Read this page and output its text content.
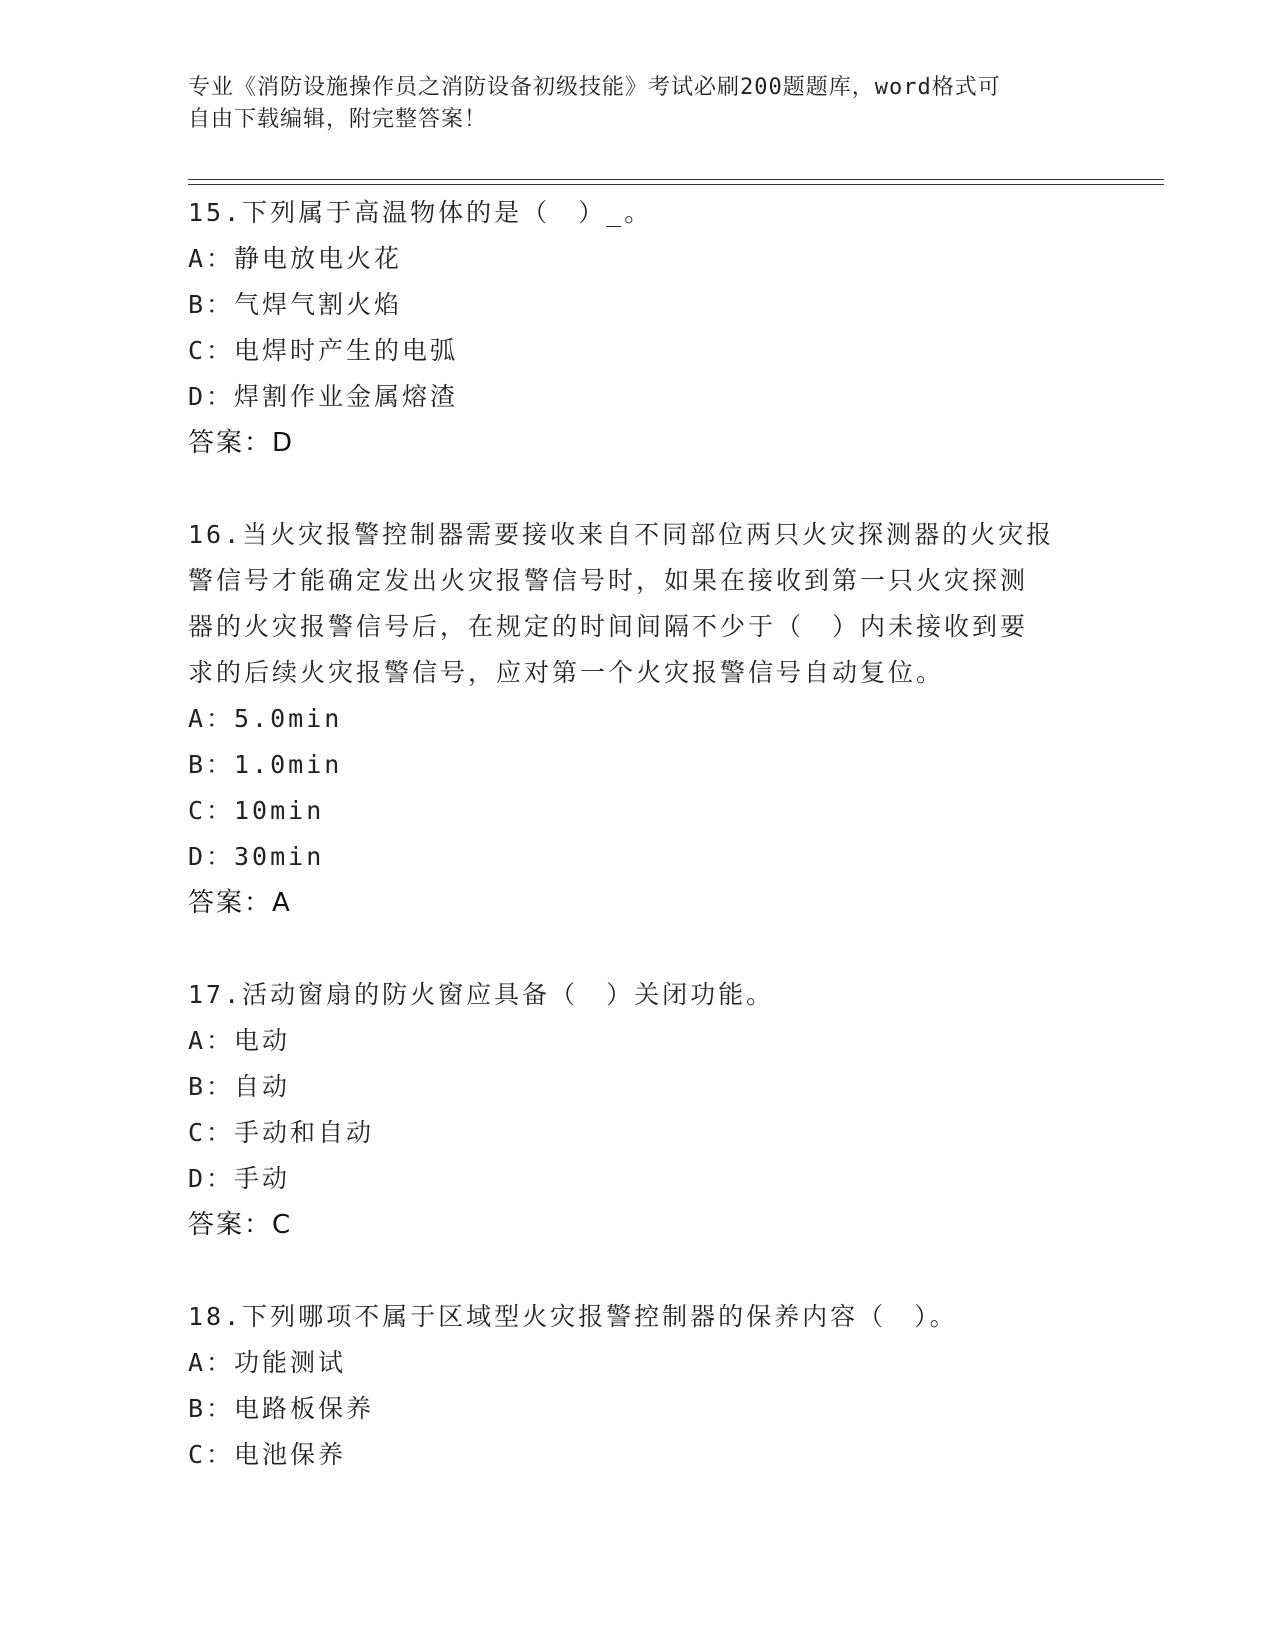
专业《消防设施操作员之消防设备初级技能》考试必刷200题题库，word格式可
自由下载编辑，附完整答案！
15.下列属于高温物体的是（　）_。
A： 静电放电火花
B： 气焊气割火焰
C： 电焊时产生的电弧
D： 焊割作业金属熔渣
答案：D
16.当火灾报警控制器需要接收来自不同部位两只火灾探测器的火灾报
警信号才能确定发出火灾报警信号时，如果在接收到第一只火灾探测
器的火灾报警信号后，在规定的时间间隔不少于（　）内未接收到要
求的后续火灾报警信号，应对第一个火灾报警信号自动复位。
A： 5.0min
B： 1.0min
C： 10min
D： 30min
答案：A
17.活动窗扇的防火窗应具备（　）关闭功能。
A： 电动
B： 自动
C： 手动和自动
D： 手动
答案：C
18.下列哪项不属于区域型火灾报警控制器的保养内容（　）。
A： 功能测试
B： 电路板保养
C： 电池保养
